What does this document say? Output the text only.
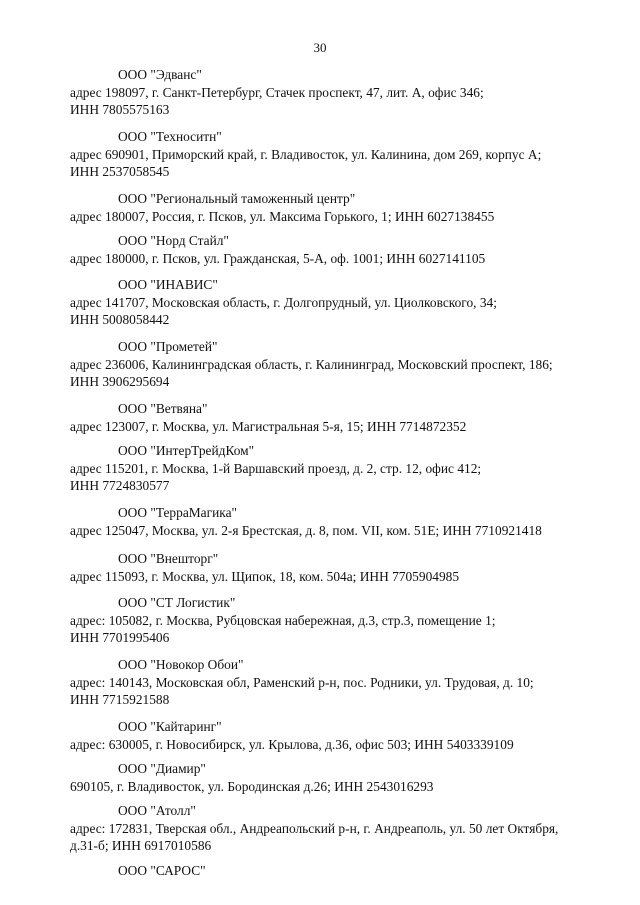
30
ООО "Эдванс"
адрес 198097, г. Санкт-Петербург, Стачек проспект, 47, лит. А, офис 346;
ИНН 7805575163
ООО "Техноситн"
адрес 690901, Приморский край, г. Владивосток, ул. Калинина, дом 269, корпус А;
ИНН 2537058545
ООО "Региональный таможенный центр"
адрес 180007, Россия, г. Псков, ул. Максима Горького, 1; ИНН 6027138455
ООО "Норд Стайл"
адрес 180000, г. Псков, ул. Гражданская, 5-А, оф. 1001; ИНН 6027141105
ООО "ИНАВИС"
адрес 141707, Московская область, г. Долгопрудный, ул. Циолковского, 34;
ИНН 5008058442
ООО "Прометей"
адрес 236006, Калининградская область, г. Калининград, Московский проспект, 186;
ИНН 3906295694
ООО "Ветвяна"
адрес 123007, г. Москва, ул. Магистральная 5-я, 15; ИНН 7714872352
ООО "ИнтерТрейдКом"
адрес 115201, г. Москва, 1-й Варшавский проезд, д. 2, стр. 12, офис 412;
ИНН 7724830577
ООО "ТерраМагика"
адрес 125047, Москва, ул. 2-я Брестская, д. 8, пом. VII, ком. 51Е; ИНН 7710921418
ООО "Внешторг"
адрес 115093, г. Москва, ул. Щипок, 18, ком. 504а; ИНН 7705904985
ООО "СТ Логистик"
адрес: 105082, г. Москва, Рубцовская набережная, д.3, стр.3, помещение 1;
ИНН 7701995406
ООО "Новокор Обои"
адрес: 140143, Московская обл, Раменский р-н, пос. Родники, ул. Трудовая, д. 10;
ИНН 7715921588
ООО "Кайтаринг"
адрес: 630005, г. Новосибирск, ул. Крылова, д.36, офис 503; ИНН 5403339109
ООО "Диамир"
690105, г. Владивосток, ул. Бородинская д.26; ИНН 2543016293
ООО "Атолл"
адрес: 172831, Тверская обл., Андреапольский р-н, г. Андреаполь, ул. 50 лет Октября,
д.31-б; ИНН 6917010586
ООО "САРОС"
